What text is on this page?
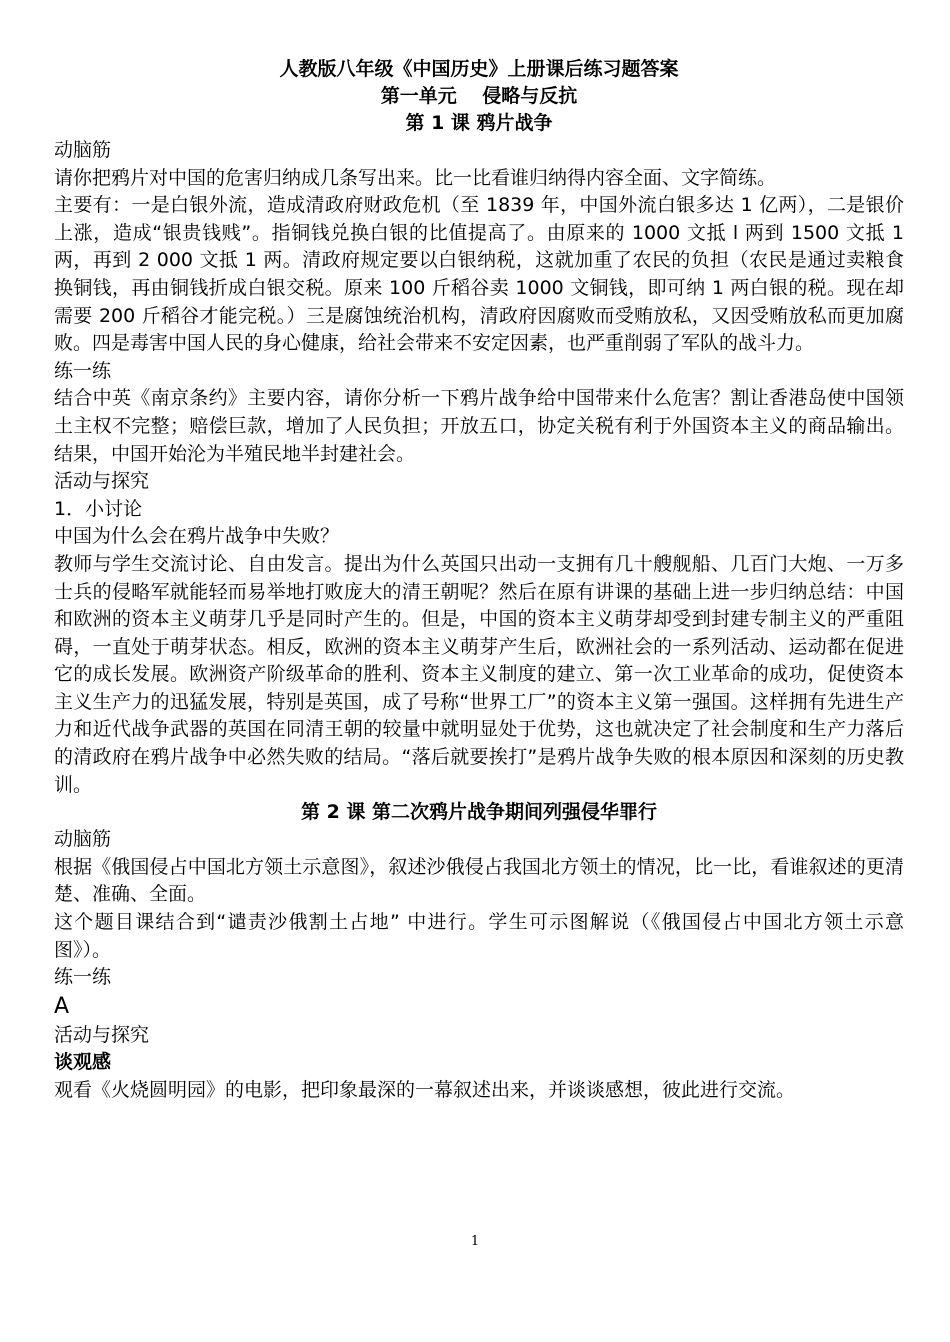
人教版八年级《中国历史》上册课后练习题答案

第一单元　 侵略与反抗

第 1 课 鸦片战争

动脑筋

请你把鸦片对中国的危害归纳成几条写出来。比一比看谁归纳得内容全面、文字简练。

主要有：一是白银外流，造成清政府财政危机（至 1839 年，中国外流白银多达 1 亿两），二是银价上涨，造成“银贵钱贱”。指铜钱兑换白银的比值提高了。由原来的 1000 文抵 l 两到 1500 文抵 1 两，再到 2 000 文抵 1 两。清政府规定要以白银纳税，这就加重了农民的负担（农民是通过卖粮食换铜钱，再由铜钱折成白银交税。原来 100 斤稻谷卖 1000 文铜钱，即可纳 1 两白银的税。现在却需要 200 斤稻谷才能完税。）三是腐蚀统治机构，清政府因腐败而受贿放私，又因受贿放私而更加腐败。四是毒害中国人民的身心健康，给社会带来不安定因素，也严重削弱了军队的战斗力。

练一练

结合中英《南京条约》主要内容，请你分析一下鸦片战争给中国带来什么危害？割让香港岛使中国领土主权不完整；赔偿巨款，增加了人民负担；开放五口，协定关税有利于外国资本主义的商品输出。结果，中国开始沦为半殖民地半封建社会。

活动与探究

1．小讨论

中国为什么会在鸦片战争中失败？

教师与学生交流讨论、自由发言。提出为什么英国只出动一支拥有几十艘舰船、几百门大炮、一万多士兵的侵略军就能轻而易举地打败庞大的清王朝呢？然后在原有讲课的基础上进一步归纳总结：中国和欧洲的资本主义萌芽几乎是同时产生的。但是，中国的资本主义萌芽却受到封建专制主义的严重阻碍，一直处于萌芽状态。相反，欧洲的资本主义萌芽产生后，欧洲社会的一系列活动、运动都在促进它的成长发展。欧洲资产阶级革命的胜利、资本主义制度的建立、第一次工业革命的成功，促使资本主义生产力的迅猛发展，特别是英国，成了号称“世界工厂”的资本主义第一强国。这样拥有先进生产力和近代战争武器的英国在同清王朝的较量中就明显处于优势，这也就决定了社会制度和生产力落后的清政府在鸦片战争中必然失败的结局。“落后就要挨打”是鸦片战争失败的根本原因和深刻的历史教训。

第 2 课 第二次鸦片战争期间列强侵华罪行

动脑筋

根据《俄国侵占中国北方领土示意图》，叙述沙俄侵占我国北方领土的情况，比一比，看谁叙述的更清楚、准确、全面。

这个题目课结合到“谴责沙俄割土占地” 中进行。学生可示图解说（《俄国侵占中国北方领土示意图》）。

练一练

A

活动与探究

谈观感

观看《火烧圆明园》的电影，把印象最深的一幕叙述出来，并谈谈感想，彼此进行交流。

1
